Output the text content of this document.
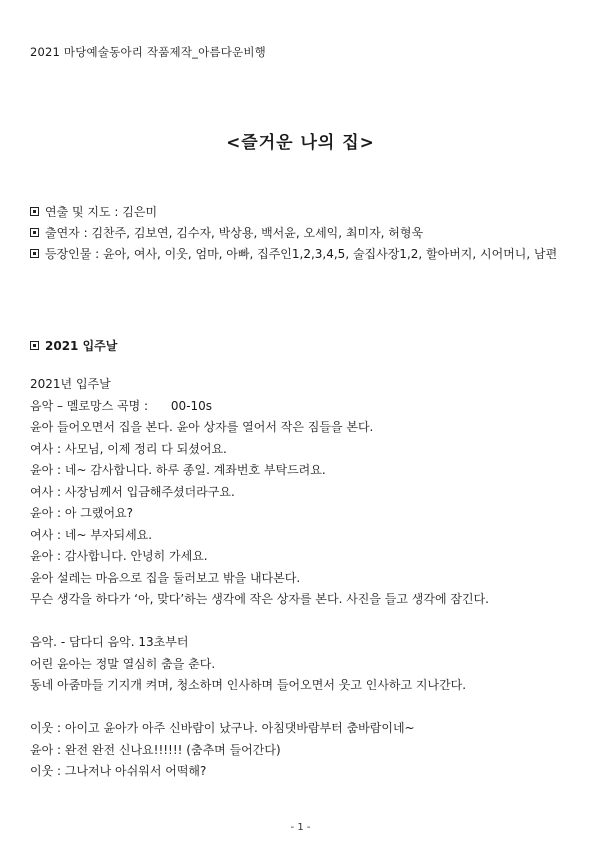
2021 마당예술동아리 작품제작_아름다운비행
<즐거운 나의 집>
연출 및 지도 : 김은미
출연자 : 김찬주, 김보연, 김수자, 박상용, 백서윤, 오세익, 최미자, 허형욱
등장인물 : 윤아, 여사, 이웃, 엄마, 아빠, 집주인1,2,3,4,5, 술집사장1,2, 할아버지, 시어머니, 남편
2021 입주날
2021년 입주날
음악 – 멜로망스 곡명 :      00-10s
윤아 들어오면서 집을 본다. 윤아 상자를 열어서 작은 짐들을 본다.
여사 : 사모님, 이제 정리 다 되셨어요.
윤아 : 네~ 감사합니다. 하루 종일. 계좌번호 부탁드려요.
여사 : 사장님께서 입금해주셨더라구요.
윤아 : 아 그랬어요?
여사 : 네~ 부자되세요.
윤아 : 감사합니다. 안녕히 가세요.
윤아 설레는 마음으로 집을 둘러보고 밖을 내다본다.
무슨 생각을 하다가 ‘아, 맞다’하는 생각에 작은 상자를 본다. 사진을 들고 생각에 잠긴다.
음악. - 담다디 음악. 13초부터
어린 윤아는 정말 열심히 춤을 춘다.
동네 아줌마들 기지개 켜며, 청소하며 인사하며 들어오면서 웃고 인사하고 지나간다.
이웃 : 아이고 윤아가 아주 신바람이 났구나. 아침댓바람부터 춤바람이네~
윤아 : 완전 완전 신나요!!!!!! (춤추며 들어간다)
이웃 : 그나저나 아쉬워서 어떡해?
- 1 -
